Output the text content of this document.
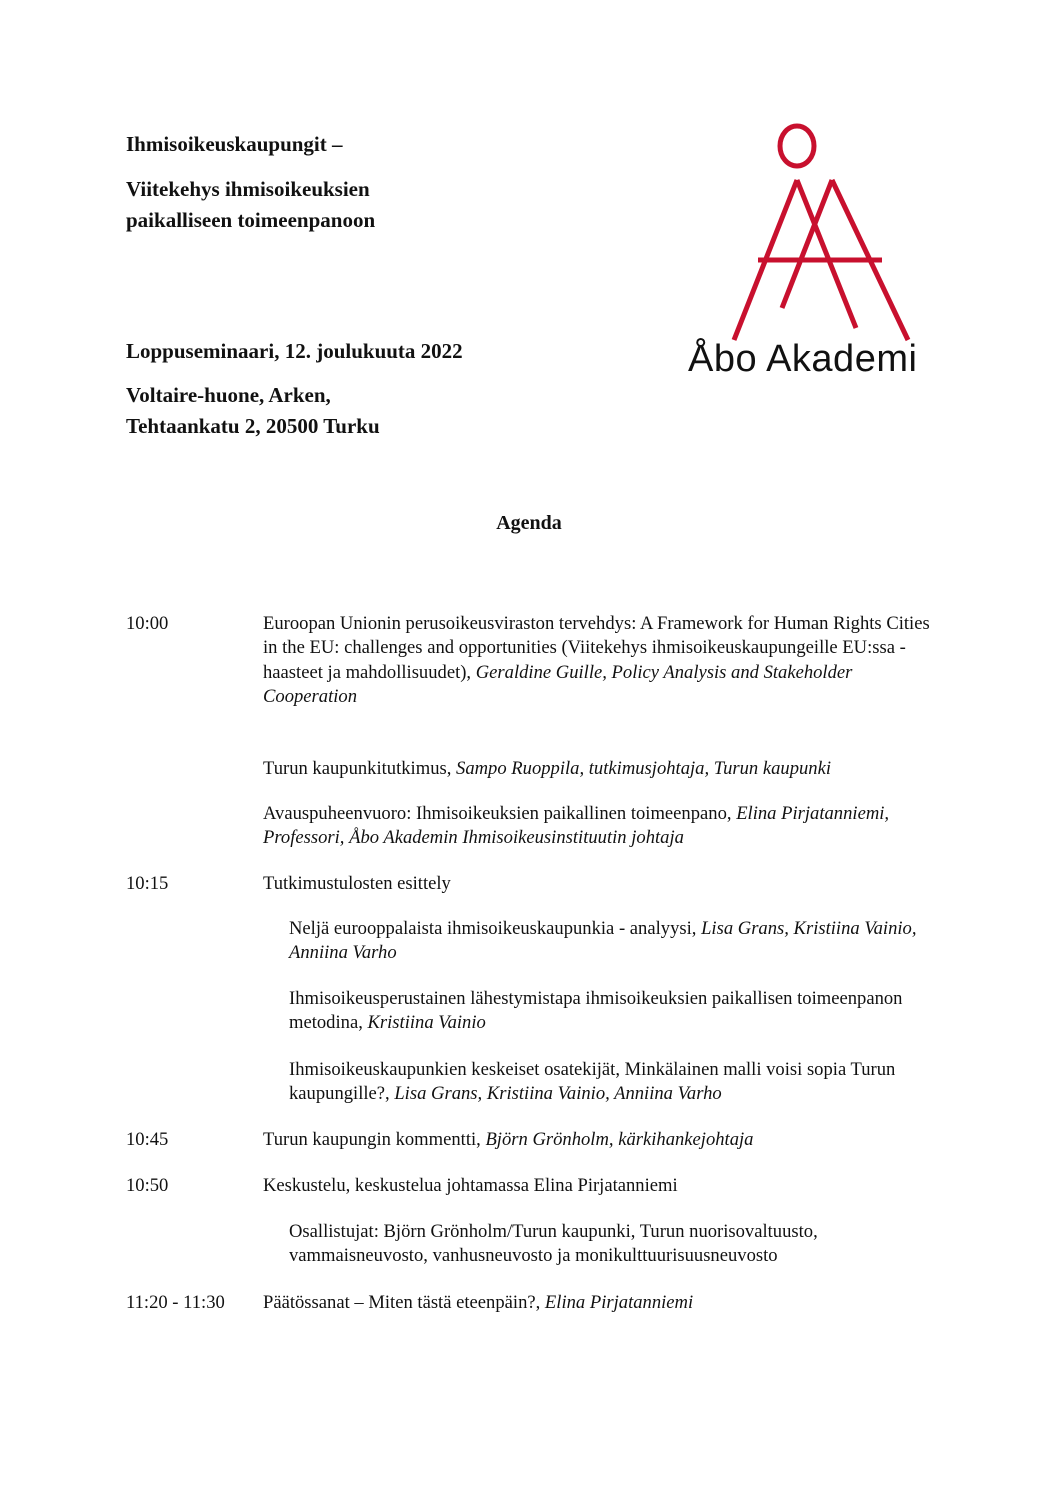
Ihmisoikeuskaupungit –
Viitekehys ihmisoikeuksien
paikalliseen toimeenpanoon

Loppuseminaari, 12. joulukuuta 2022

Voltaire-huone, Arken,

Tehtaankatu 2, 20500 Turku

Åbo Akademi
Agenda
10:00	Euroopan Unionin perusoikeusviraston tervehdys: A Framework for Human Rights Cities in the EU: challenges and opportunities (Viitekehys ihmisoikeuskaupungeille EU:ssa - haasteet ja mahdollisuudet), Geraldine Guille, Policy Analysis and Stakeholder Cooperation
Turun kaupunkitutkimus, Sampo Ruoppila, tutkimusjohtaja, Turun kaupunki
Avauspuheenvuoro: Ihmisoikeuksien paikallinen toimeenpano, Elina Pirjatanniemi, Professori, Åbo Akademin Ihmisoikeusinstituutin johtaja
10:15	Tutkimustulosten esittely
Neljä eurooppalaista ihmisoikeuskaupunkia - analyysi, Lisa Grans, Kristiina Vainio, Anniina Varho
Ihmisoikeusperustainen lähestymistapa ihmisoikeuksien paikallisen toimeenpanon metodina, Kristiina Vainio
Ihmisoikeuskaupunkien keskeiset osatekijät, Minkälainen malli voisi sopia Turun kaupungille?, Lisa Grans, Kristiina Vainio, Anniina Varho
10:45	Turun kaupungin kommentti, Björn Grönholm, kärkihankejohtaja
10:50	Keskustelu, keskustelua johtamassa Elina Pirjatanniemi
Osallistujat: Björn Grönholm/Turun kaupunki, Turun nuorisovaltuusto, vammaisneuvosto, vanhusneuvosto ja monikulttuurisuusneuvosto
11:20 - 11:30 Päätössanat – Miten tästä eteenpäin?, Elina Pirjatanniemi
